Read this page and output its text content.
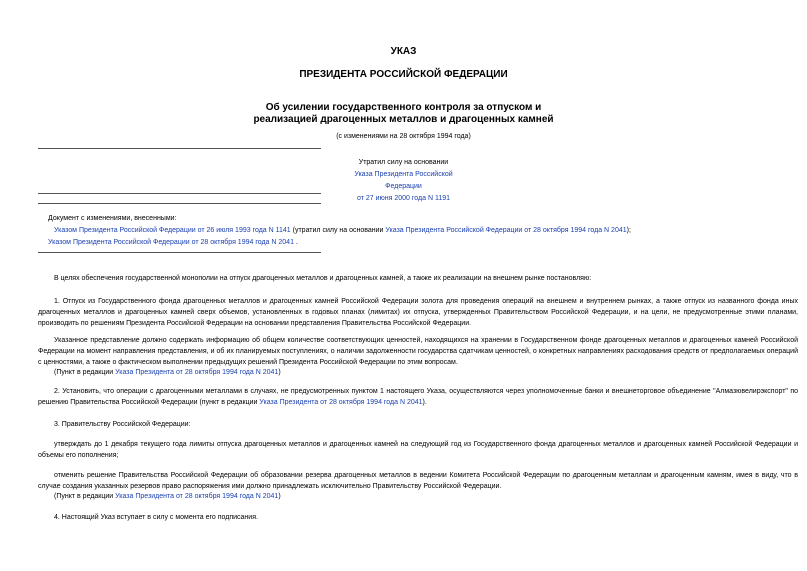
УКАЗ
ПРЕЗИДЕНТА РОССИЙСКОЙ ФЕДЕРАЦИИ
Об усилении государственного контроля за отпуском и
реализацией драгоценных металлов и драгоценных камней
(с изменениями на 28 октября 1994 года)
Утратил силу на основании
Указа Президента Российской Федерации
от 27 июня 2000 года N 1191
Документ с изменениями, внесенными:
Указом Президента Российской Федерации от 26 июля 1993 года N 1141 (утратил силу на основании Указа Президента Российской Федерации от 28 октября 1994 года N 2041);
Указом Президента Российской Федерации от 28 октября 1994 года N 2041 .
В целях обеспечения государственной монополии на отпуск драгоценных металлов и драгоценных камней, а также их реализации на внешнем рынке постановляю:
1. Отпуск из Государственного фонда драгоценных металлов и драгоценных камней Российской Федерации золота для проведения операций на внешнем и внутреннем рынках, а также отпуск из названного фонда иных драгоценных металлов и драгоценных камней сверх объемов, установленных в годовых планах (лимитах) их отпуска, утвержденных Правительством Российской Федерации, и на цели, не предусмотренные этими планами, производить по решениям Президента Российской Федерации на основании представления Правительства Российской Федерации.
Указанное представление должно содержать информацию об общем количестве соответствующих ценностей, находящихся на хранении в Государственном фонде драгоценных металлов и драгоценных камней Российской Федерации на момент направления представления, и об их планируемых поступлениях, о наличии задолженности государства сдатчикам ценностей, о конкретных направлениях расходования средств от предполагаемых операций с ценностями, а также о фактическом выполнении предыдущих решений Президента Российской Федерации по этим вопросам.
(Пункт в редакции Указа Президента от 28 октября 1994 года N 2041)
2. Установить, что операции с драгоценными металлами в случаях, не предусмотренных пунктом 1 настоящего Указа, осуществляются через уполномоченные банки и внешнеторговое объединение "Алмазювелирэкспорт" по решению Правительства Российской Федерации (пункт в редакции Указа Президента от 28 октября 1994 года N 2041).
3. Правительству Российской Федерации:
утверждать до 1 декабря текущего года лимиты отпуска драгоценных металлов и драгоценных камней на следующий год из Государственного фонда драгоценных металлов и драгоценных камней Российской Федерации и объемы его пополнения;
отменить решение Правительства Российской Федерации об образовании резерва драгоценных металлов в ведении Комитета Российской Федерации по драгоценным металлам и драгоценным камням, имея в виду, что в случае создания указанных резервов право распоряжения ими должно принадлежать исключительно Правительству Российской Федерации.
(Пункт в редакции Указа Президента от 28 октября 1994 года N 2041)
4. Настоящий Указ вступает в силу с момента его подписания.
